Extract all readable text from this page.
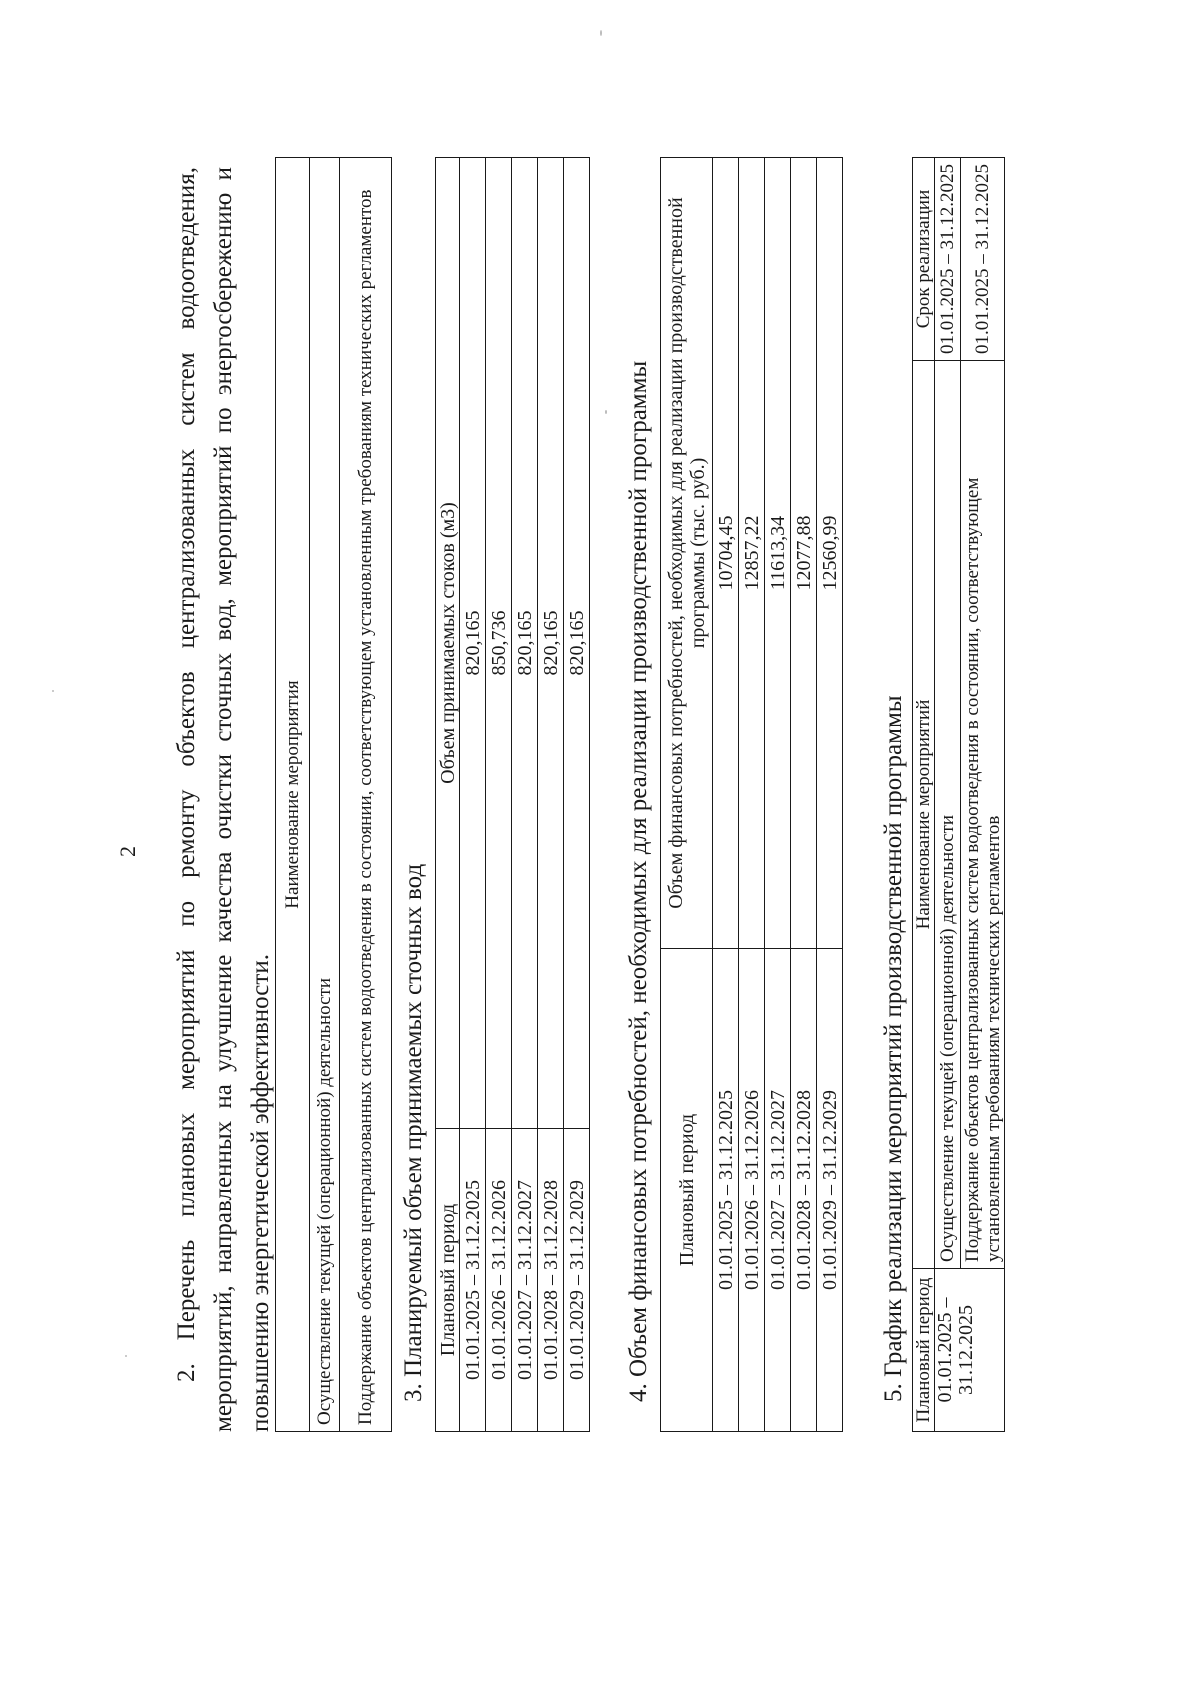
2 2. Перечень плановых мероприятий по ремонту объектов централизованных систем водоотведения, мероприятий, направленных на улучшение качества очистки сточных вод, мероприятий по энергосбережению и повышению энергетической эффективности.
Наименование мероприятия
Осуществление текущей (операционной) деятельности
Поддержание объектов централизованных систем водоотведения в состоянии, соответствующем установленным требованиям технических регламентов 3. Планируемый объем принимаемых сточных вод Плановый период	Объем принимаемых стоков (м3)
01.01.2025 – 31.12.2025	820,165
01.01.2026 – 31.12.2026	850,736
01.01.2027 – 31.12.2027	820,165
01.01.2028 – 31.12.2028	820,165
01.01.2029 – 31.12.2029	820,165 4. Объем финансовых потребностей, необходимых для реализации производственной программы Плановый период	Объем финансовых потребностей, необходимых для реализации производственной программы (тыс. руб.)
01.01.2025 – 31.12.2025	10704,45
01.01.2026 – 31.12.2026	12857,22
01.01.2027 – 31.12.2027	11613,34
01.01.2028 – 31.12.2028	12077,88
01.01.2029 – 31.12.2029	12560,99
5. График реализации мероприятий производственной программы Плановый период	Наименование мероприятий	Срок реализации
01.01.2025 – 31.12.2025	Осуществление текущей (операционной) деятельности	01.01.2025 – 31.12.2025
	Поддержание объектов централизованных систем водоотведения в состоянии, соответствующем установленным требованиям технических регламентов	01.01.2025 – 31.12.2025
